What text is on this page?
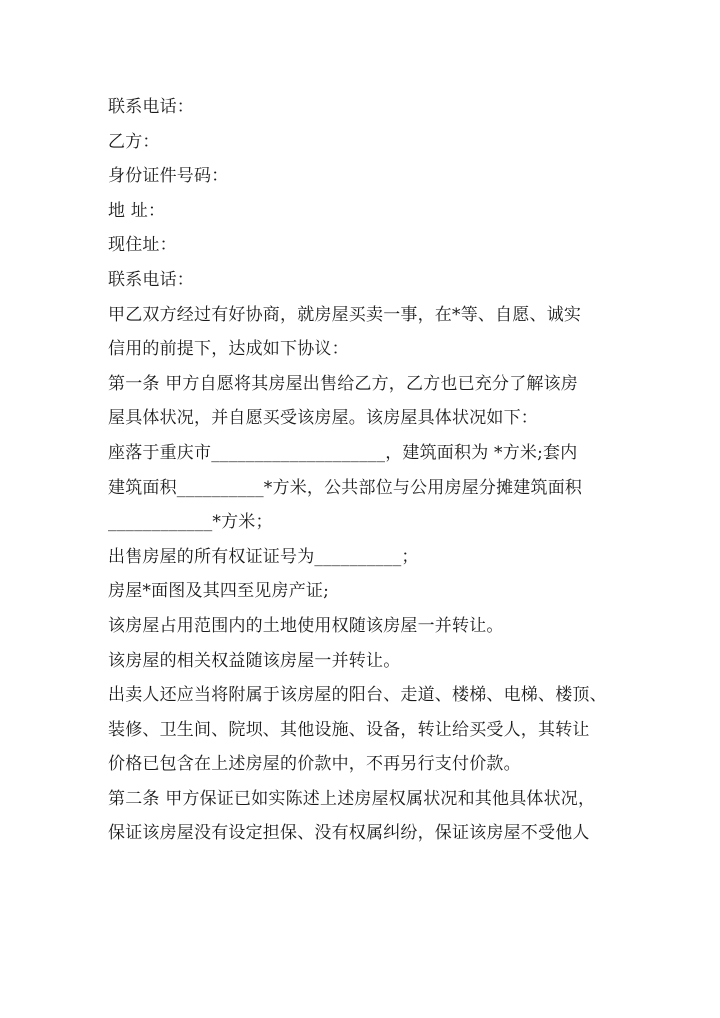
联系电话：
乙方：
身份证件号码：
地 址：
现住址：
联系电话：
甲乙双方经过有好协商，就房屋买卖一事，在*等、自愿、诚实
信用的前提下，达成如下协议：
第一条 甲方自愿将其房屋出售给乙方，乙方也已充分了解该房
屋具体状况，并自愿买受该房屋。该房屋具体状况如下：
座落于重庆市____________________，建筑面积为 *方米;套内
建筑面积__________*方米，公共部位与公用房屋分摊建筑面积
____________*方米；
出售房屋的所有权证证号为__________；
房屋*面图及其四至见房产证;
该房屋占用范围内的土地使用权随该房屋一并转让。
该房屋的相关权益随该房屋一并转让。
出卖人还应当将附属于该房屋的阳台、走道、楼梯、电梯、楼顶、
装修、卫生间、院坝、其他设施、设备，转让给买受人，其转让
价格已包含在上述房屋的价款中，不再另行支付价款。
第二条 甲方保证已如实陈述上述房屋权属状况和其他具体状况，
保证该房屋没有设定担保、没有权属纠纷，保证该房屋不受他人
